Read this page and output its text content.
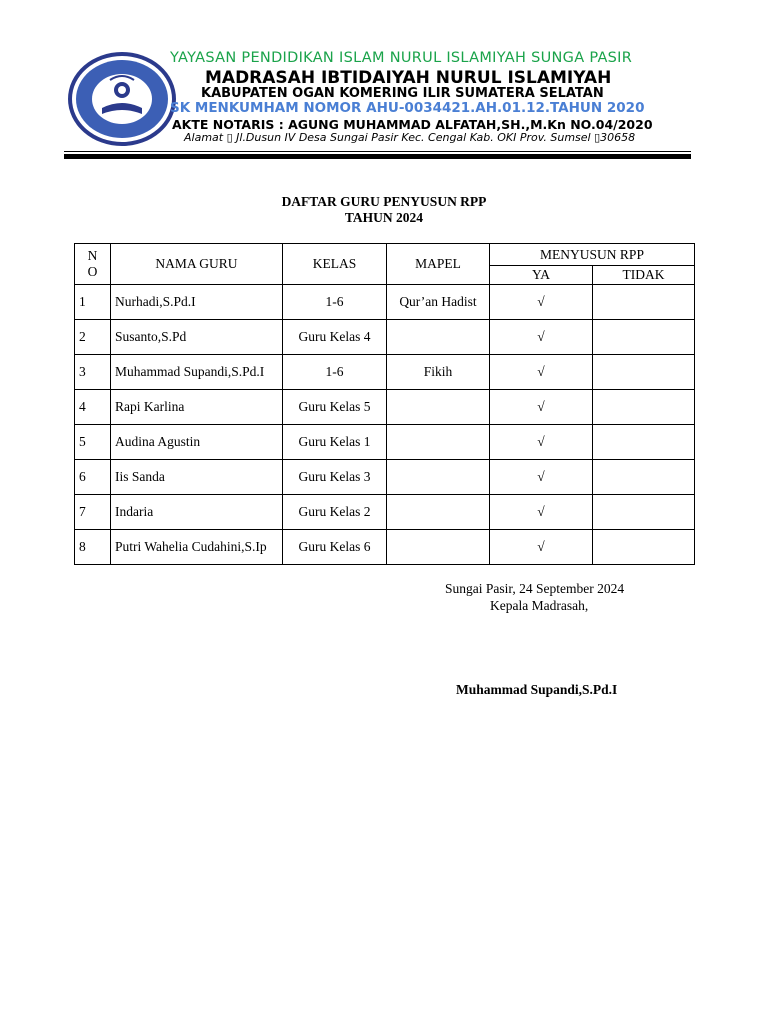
YAYASAN PENDIDIKAN ISLAM NURUL ISLAMIYAH SUNGA PASIR
MADRASAH IBTIDAIYAH NURUL ISLAMIYAH
KABUPATEN OGAN KOMERING ILIR SUMATERA SELATAN
SK MENKUMHAM NOMOR AHU-0034421.AH.01.12.TAHUN 2020
AKTE NOTARIS : AGUNG MUHAMMAD ALFATAH,SH.,M.Kn NO.04/2020
Alamat ▯ Jl.Dusun IV Desa Sungai Pasir Kec. Cengal Kab. OKI Prov. Sumsel ▯30658
DAFTAR GURU PENYUSUN RPP
TAHUN 2024
N O	NAMA GURU	KELAS	MAPEL	MENYUSUN RPP	
				YA	TIDAK
1	Nurhadi,S.Pd.I	1-6	Qur’an Hadist	√	
2	Susanto,S.Pd	Guru Kelas 4		√	
3	Muhammad Supandi,S.Pd.I	1-6	Fikih	√	
4	Rapi Karlina	Guru Kelas 5		√	
5	Audina Agustin	Guru Kelas 1		√	
6	Iis Sanda	Guru Kelas 3		√	
7	Indaria	Guru Kelas 2		√	
8	Putri Wahelia Cudahini,S.Ip	Guru Kelas 6		√	
Sungai Pasir, 24 September 2024
Kepala Madrasah,
Muhammad Supandi,S.Pd.I
